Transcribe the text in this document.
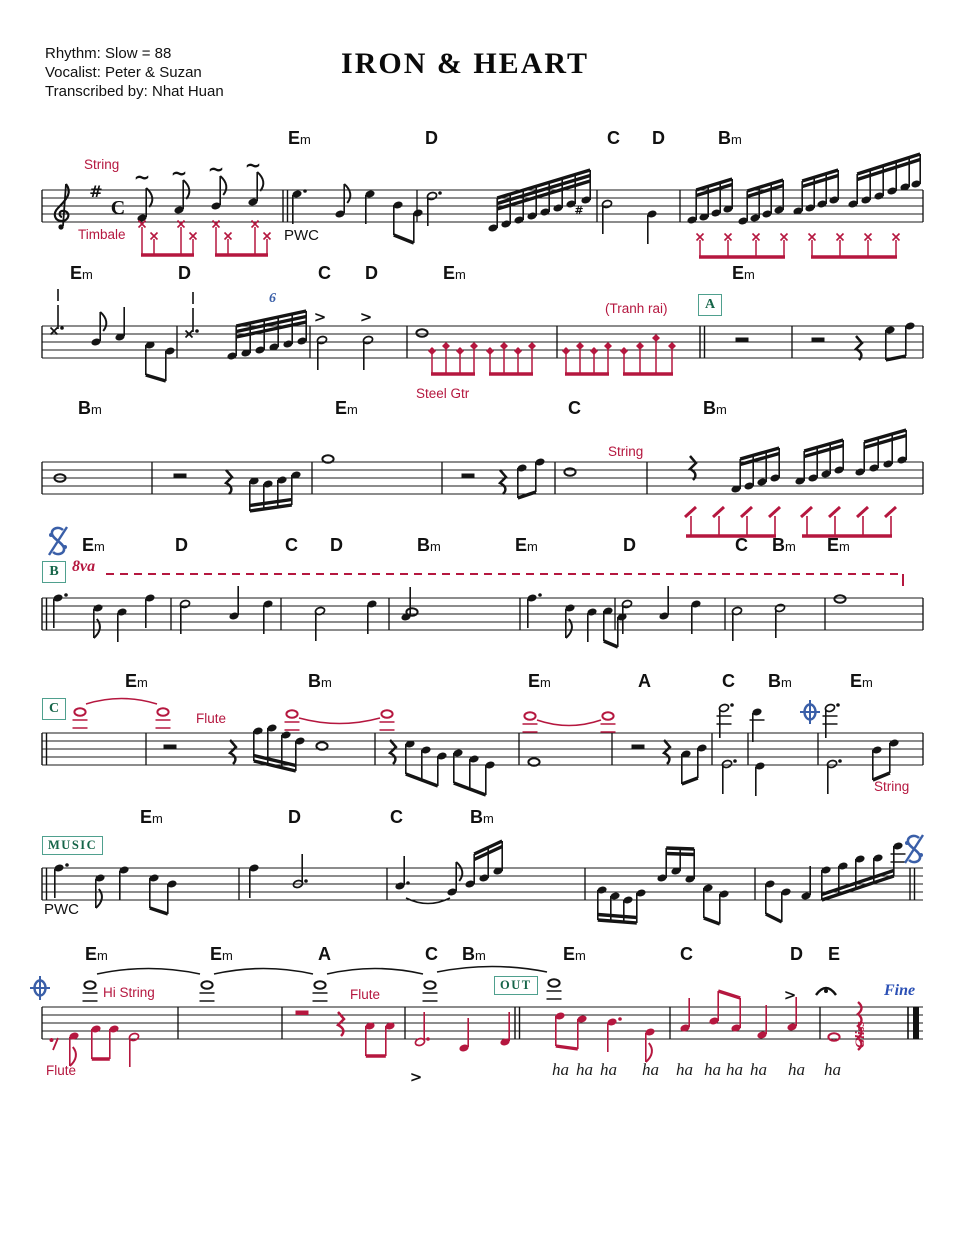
#
C
~ ~ ~ ~
#
> >
>
>
Rhythm: Slow = 88
Vocalist: Peter & Suzan
Transcribed by: Nhat Huan
IRON & HEART
Em	D	C D	Bm
Em	D	C D	Em	Em
Bm	Em	C	Bm
Em	D	C D	Bm	Em	D	C Bm Em
Em	Bm	Em	A	C Bm	Em
Em	D	C	Bm
Em	Em	A	C Bm	Em	C	D E
String
Timbale	PWC
6
(Tranh rai)
Steel Gtr
String
8va
Flute
String
PWC
Hi String	Flute
Flute
Fine
Gliss
A
B
C
MUSIC
OUT
ha ha ha ha ha ha ha ha ha ha
